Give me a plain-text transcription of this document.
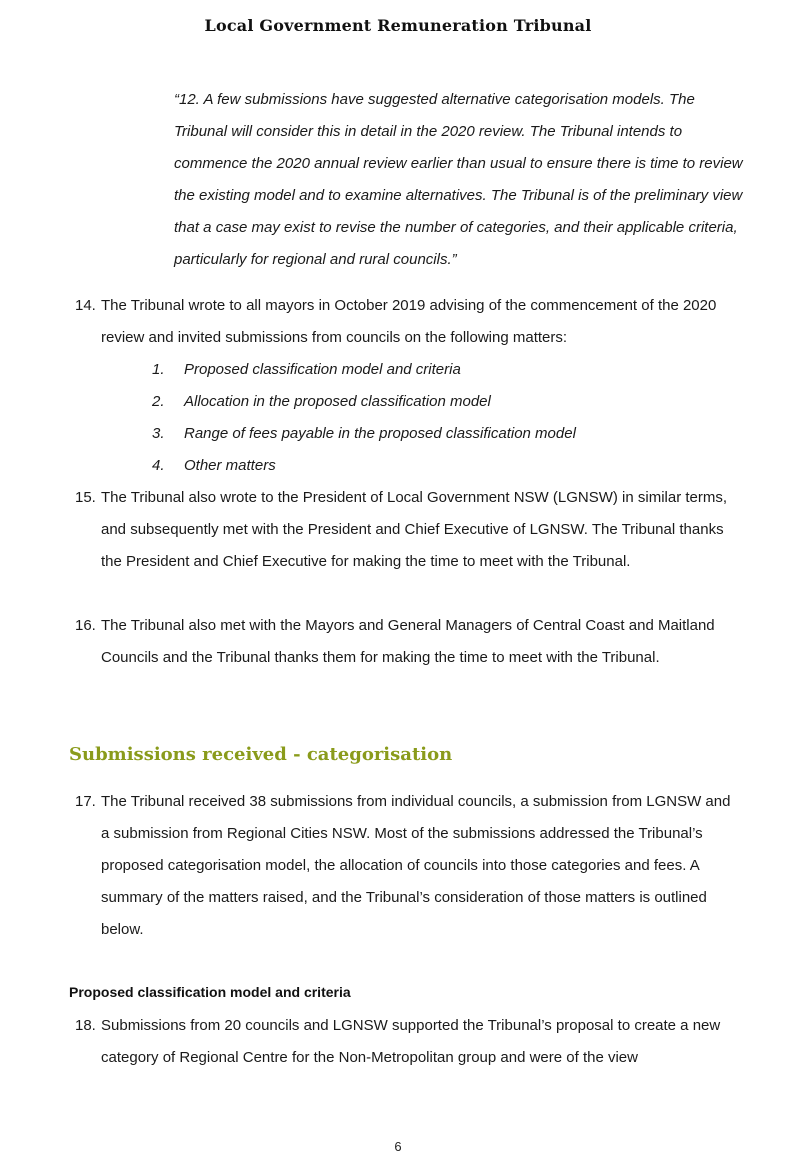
Local Government Remuneration Tribunal

“12. A few submissions have suggested alternative categorisation models. The Tribunal will consider this in detail in the 2020 review. The Tribunal intends to commence the 2020 annual review earlier than usual to ensure there is time to review the existing model and to examine alternatives. The Tribunal is of the preliminary view that a case may exist to revise the number of categories, and their applicable criteria, particularly for regional and rural councils.”

14. The Tribunal wrote to all mayors in October 2019 advising of the commencement of the 2020 review and invited submissions from councils on the following matters:
1. Proposed classification model and criteria
2. Allocation in the proposed classification model
3. Range of fees payable in the proposed classification model
4. Other matters
15. The Tribunal also wrote to the President of Local Government NSW (LGNSW) in similar terms, and subsequently met with the President and Chief Executive of LGNSW. The Tribunal thanks the President and Chief Executive for making the time to meet with the Tribunal.
16. The Tribunal also met with the Mayors and General Managers of Central Coast and Maitland Councils and the Tribunal thanks them for making the time to meet with the Tribunal.
Submissions received - categorisation
17. The Tribunal received 38 submissions from individual councils, a submission from LGNSW and a submission from Regional Cities NSW. Most of the submissions addressed the Tribunal’s proposed categorisation model, the allocation of councils into those categories and fees. A summary of the matters raised, and the Tribunal’s consideration of those matters is outlined below.
Proposed classification model and criteria
18. Submissions from 20 councils and LGNSW supported the Tribunal’s proposal to create a new category of Regional Centre for the Non-Metropolitan group and were of the view
6
